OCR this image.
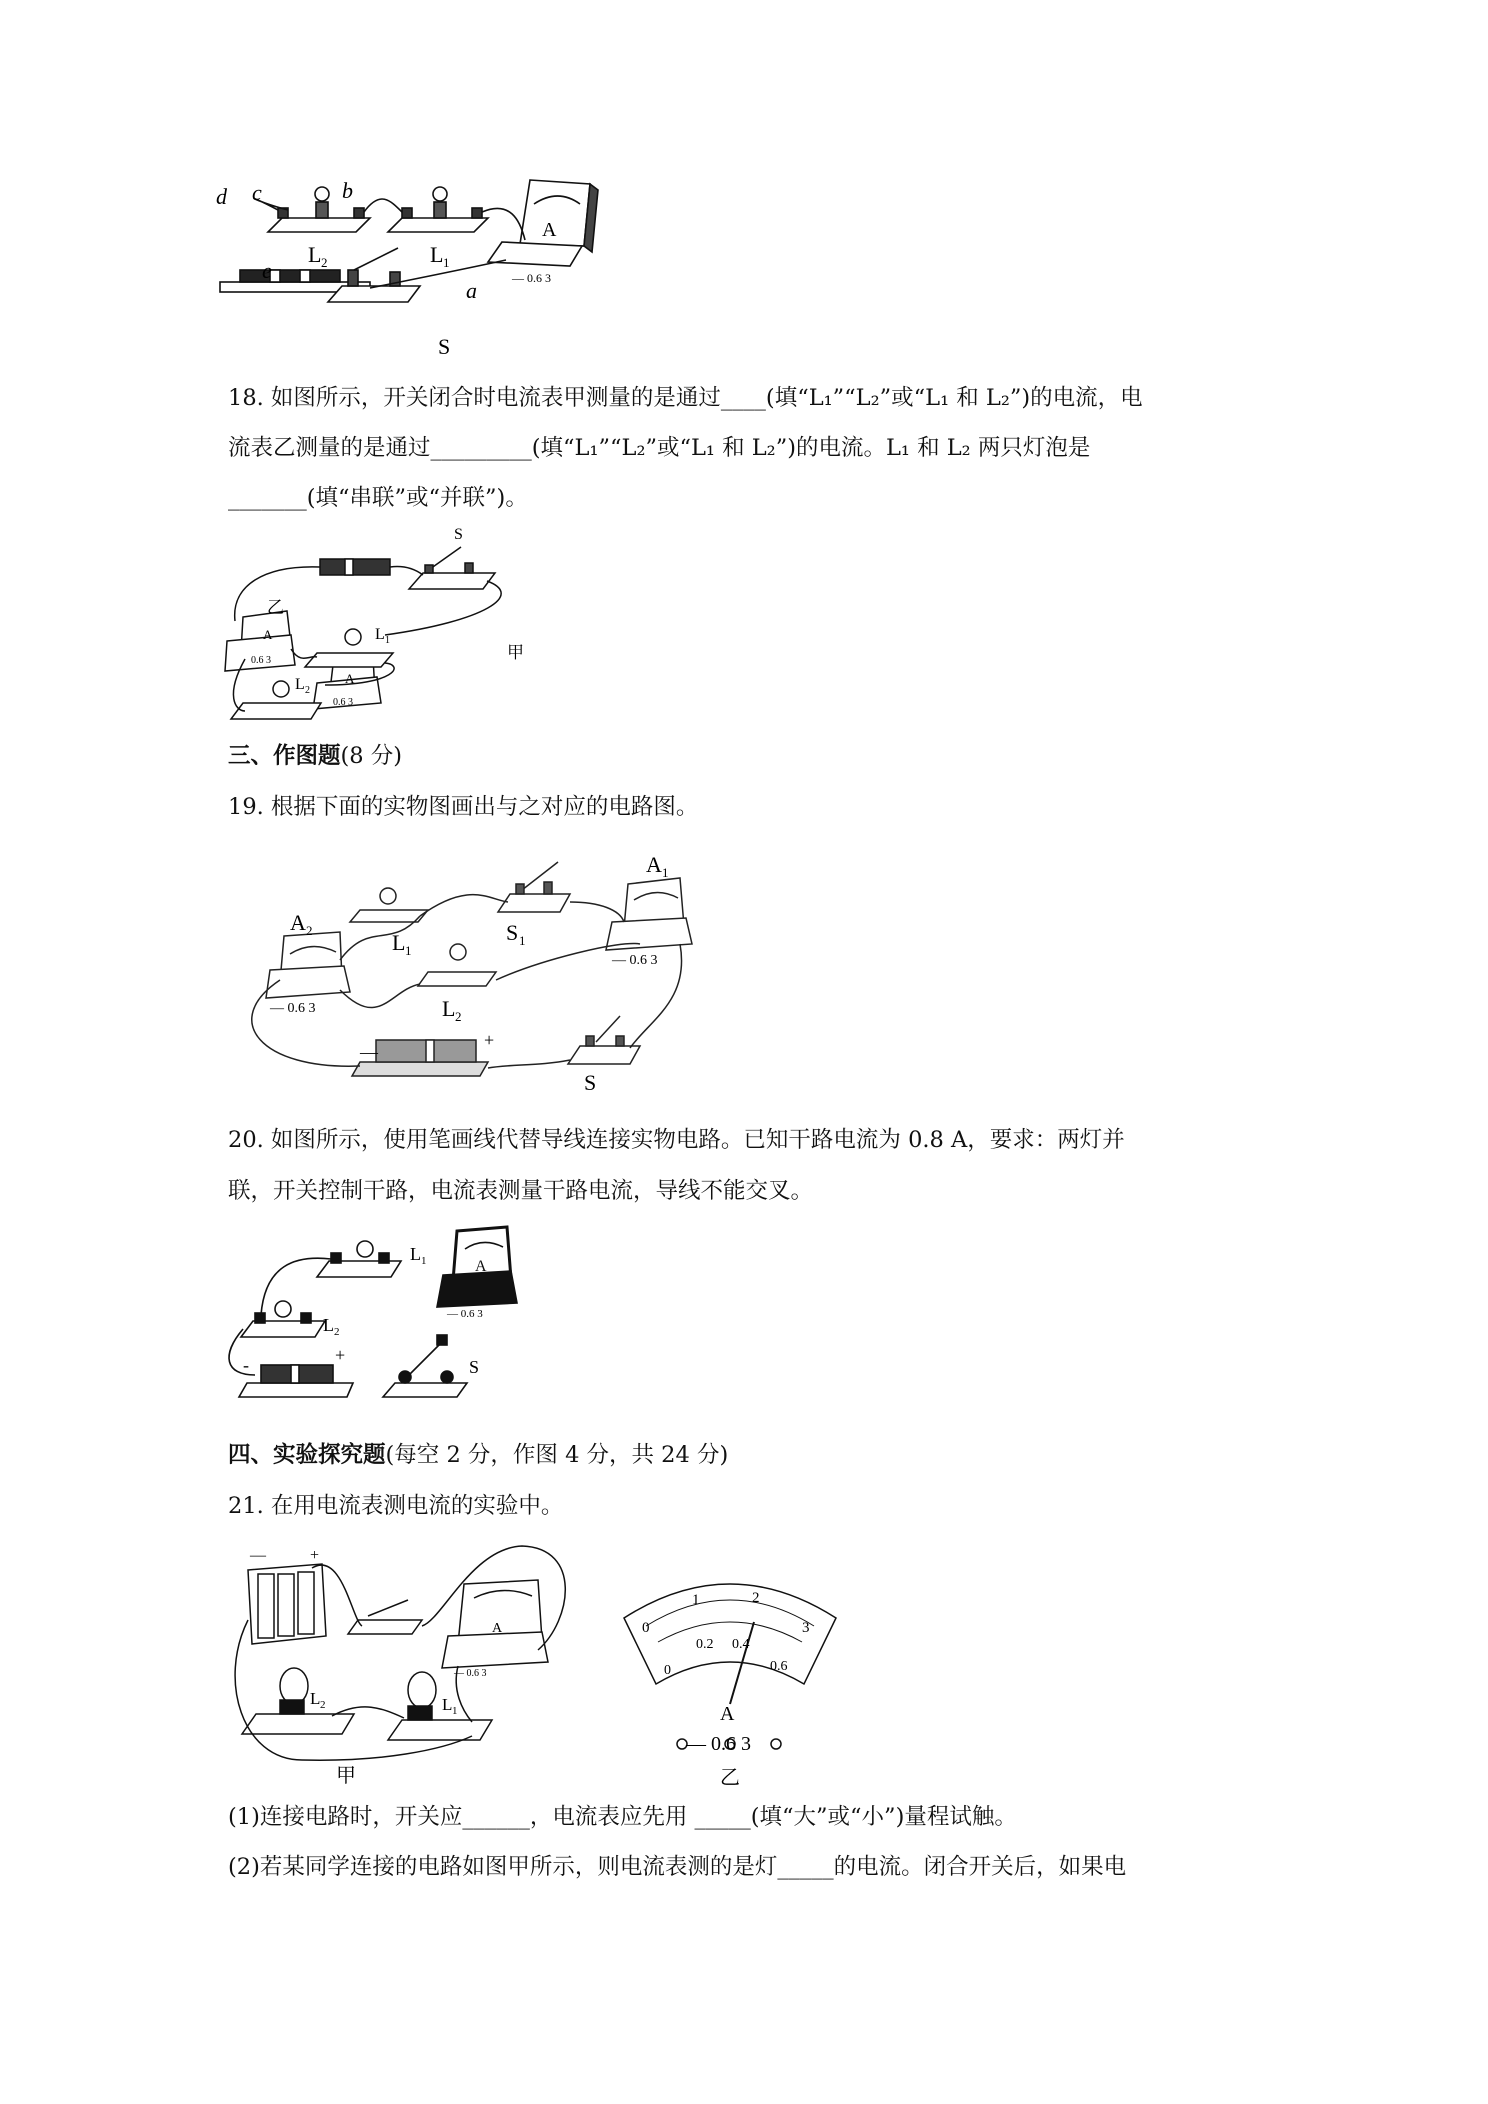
d c	b
a
e
L 2	L 1
S
A
— 0.6 3
18. 如图所示，开关闭合时电流表甲测量的是通过____(填“L₁”“L₂”或“L₁ 和 L₂”)的电流，电
流表乙测量的是通过_________(填“L₁”“L₂”或“L₁ 和 L₂”)的电流。L₁ 和 L₂ 两只灯泡是
_______(填“串联”或“并联”)。
S
乙
甲
L 1
L 2
A
A
0.6 3
0.6 3
三、作图题(8 分)
19. 根据下面的实物图画出与之对应的电路图。
A 2
A 1
L 1
L 2
S 1
S
+
—
— 0.6 3
— 0.6 3
20. 如图所示，使用笔画线代替导线连接实物电路。已知干路电流为 0.8 A，要求：两灯并
联，开关控制干路，电流表测量干路电流，导线不能交叉。
L 1
L 2
S
A
— 0.6 3
-	+
四、实验探究题(每空 2 分，作图 4 分，共 24 分)
21. 在用电流表测电流的实验中。
甲
L 2	L 1
—	+
A
— 0.6 3
0
1	2
3
0
0.2 0.4
0.6
A
— 0.6 3
乙
(1)连接电路时，开关应______，电流表应先用 _____(填“大”或“小”)量程试触。
(2)若某同学连接的电路如图甲所示，则电流表测的是灯_____的电流。闭合开关后，如果电
